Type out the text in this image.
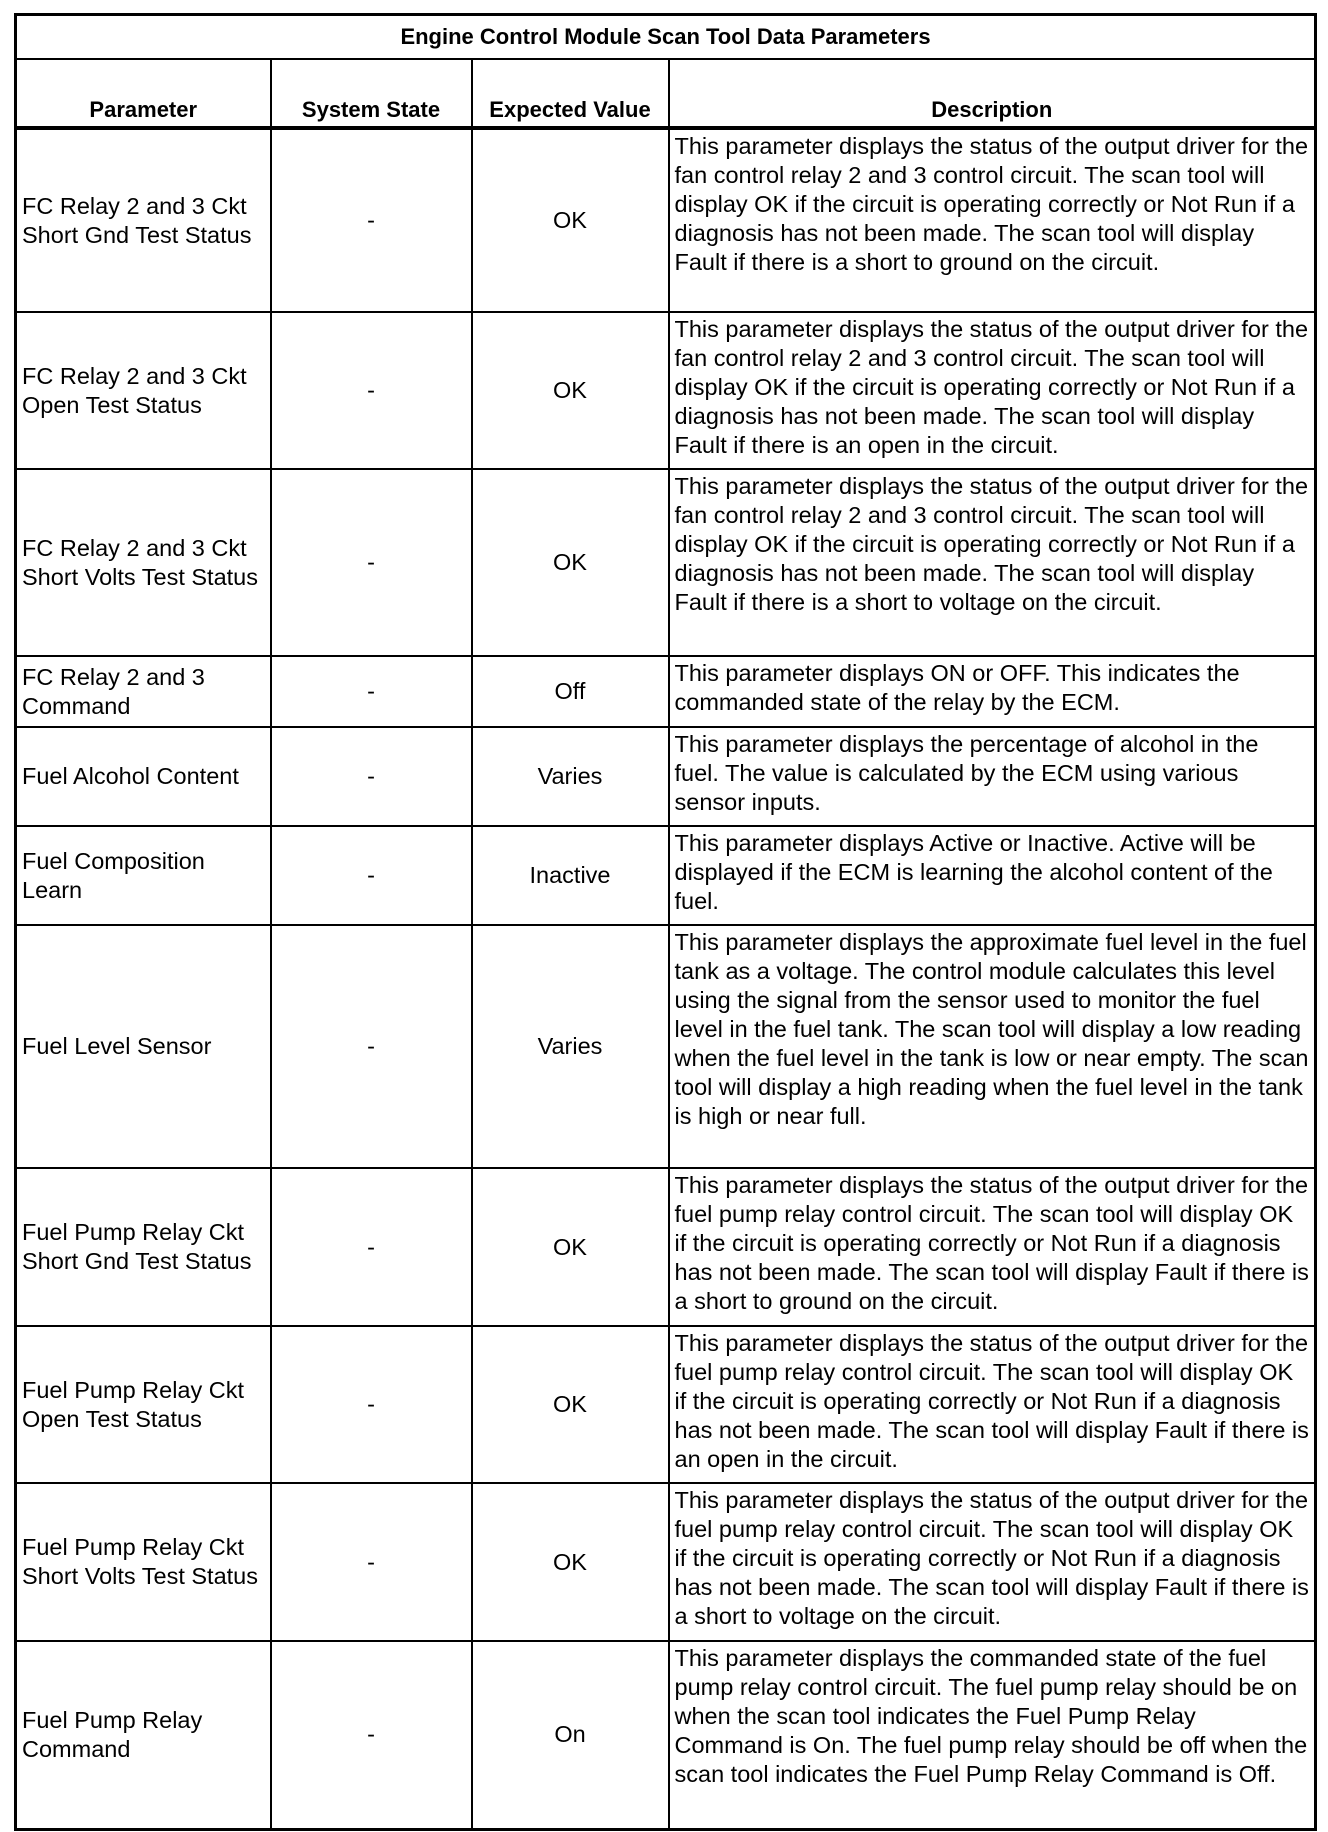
Engine Control Module Scan Tool Data Parameters			
Parameter	System State	Expected Value	Description
FC Relay 2 and 3 Ckt Short Gnd Test Status	-	OK	This parameter displays the status of the output driver for the fan control relay 2 and 3 control circuit. The scan tool will display OK if the circuit is operating correctly or Not Run if a diagnosis has not been made. The scan tool will display Fault if there is a short to ground on the circuit.
FC Relay 2 and 3 Ckt Open Test Status	-	OK	This parameter displays the status of the output driver for the fan control relay 2 and 3 control circuit. The scan tool will display OK if the circuit is operating correctly or Not Run if a diagnosis has not been made. The scan tool will display Fault if there is an open in the circuit.
FC Relay 2 and 3 Ckt Short Volts Test Status	-	OK	This parameter displays the status of the output driver for the fan control relay 2 and 3 control circuit. The scan tool will display OK if the circuit is operating correctly or Not Run if a diagnosis has not been made. The scan tool will display Fault if there is a short to voltage on the circuit.
FC Relay 2 and 3 Command	-	Off	This parameter displays ON or OFF. This indicates the commanded state of the relay by the ECM.
Fuel Alcohol Content	-	Varies	This parameter displays the percentage of alcohol in the fuel. The value is calculated by the ECM using various sensor inputs.
Fuel Composition Learn	-	Inactive	This parameter displays Active or Inactive. Active will be displayed if the ECM is learning the alcohol content of the fuel.
Fuel Level Sensor	-	Varies	This parameter displays the approximate fuel level in the fuel tank as a voltage. The control module calculates this level using the signal from the sensor used to monitor the fuel level in the fuel tank. The scan tool will display a low reading when the fuel level in the tank is low or near empty. The scan tool will display a high reading when the fuel level in the tank is high or near full.
Fuel Pump Relay Ckt Short Gnd Test Status	-	OK	This parameter displays the status of the output driver for the fuel pump relay control circuit. The scan tool will display OK if the circuit is operating correctly or Not Run if a diagnosis has not been made. The scan tool will display Fault if there is a short to ground on the circuit.
Fuel Pump Relay Ckt Open Test Status	-	OK	This parameter displays the status of the output driver for the fuel pump relay control circuit. The scan tool will display OK if the circuit is operating correctly or Not Run if a diagnosis has not been made. The scan tool will display Fault if there is an open in the circuit.
Fuel Pump Relay Ckt Short Volts Test Status	-	OK	This parameter displays the status of the output driver for the fuel pump relay control circuit. The scan tool will display OK if the circuit is operating correctly or Not Run if a diagnosis has not been made. The scan tool will display Fault if there is a short to voltage on the circuit.
Fuel Pump Relay Command	-	On	This parameter displays the commanded state of the fuel pump relay control circuit. The fuel pump relay should be on when the scan tool indicates the Fuel Pump Relay Command is On. The fuel pump relay should be off when the scan tool indicates the Fuel Pump Relay Command is Off.
